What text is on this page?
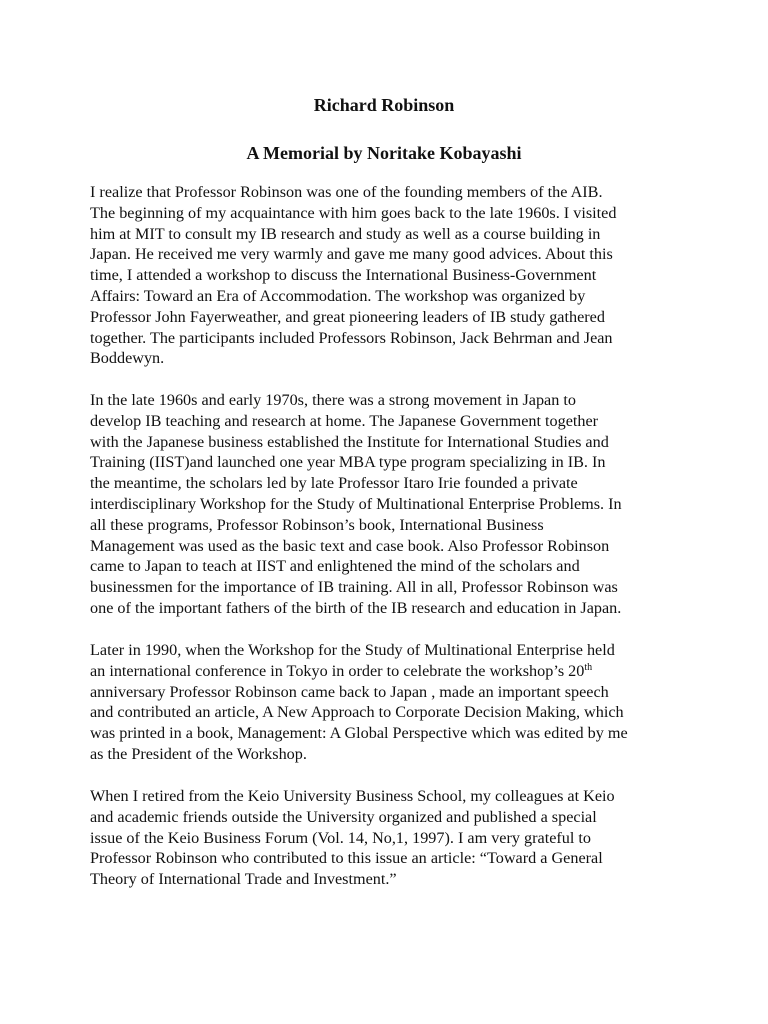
Richard Robinson
A Memorial by Noritake Kobayashi

I realize that Professor Robinson was one of the founding members of the AIB.
The beginning of my acquaintance with him goes back to the late 1960s. I visited
him at MIT to consult my IB research and study as well as a course building in
Japan. He received me very warmly and gave me many good advices. About this
time, I attended a workshop to discuss the International Business-Government
Affairs: Toward an Era of Accommodation. The workshop was organized by
Professor John Fayerweather, and great pioneering leaders of IB study gathered
together. The participants included Professors Robinson, Jack Behrman and Jean
Boddewyn.

In the late 1960s and early 1970s, there was a strong movement in Japan to
develop IB teaching and research at home. The Japanese Government together
with the Japanese business established the Institute for International Studies and
Training (IIST)and launched one year MBA type program specializing in IB. In
the meantime, the scholars led by late Professor Itaro Irie founded a private
interdisciplinary Workshop for the Study of Multinational Enterprise Problems. In
all these programs, Professor Robinson’s book, International Business
Management was used as the basic text and case book. Also Professor Robinson
came to Japan to teach at IIST and enlightened the mind of the scholars and
businessmen for the importance of IB training. All in all, Professor Robinson was
one of the important fathers of the birth of the IB research and education in Japan.

Later in 1990, when the Workshop for the Study of Multinational Enterprise held
an international conference in Tokyo in order to celebrate the workshop’s 20th
anniversary Professor Robinson came back to Japan , made an important speech
and contributed an article, A New Approach to Corporate Decision Making, which
was printed in a book, Management: A Global Perspective which was edited by me
as the President of the Workshop.

When I retired from the Keio University Business School, my colleagues at Keio
and academic friends outside the University organized and published a special
issue of the Keio Business Forum (Vol. 14, No,1, 1997). I am very grateful to
Professor Robinson who contributed to this issue an article: “Toward a General
Theory of International Trade and Investment.”
